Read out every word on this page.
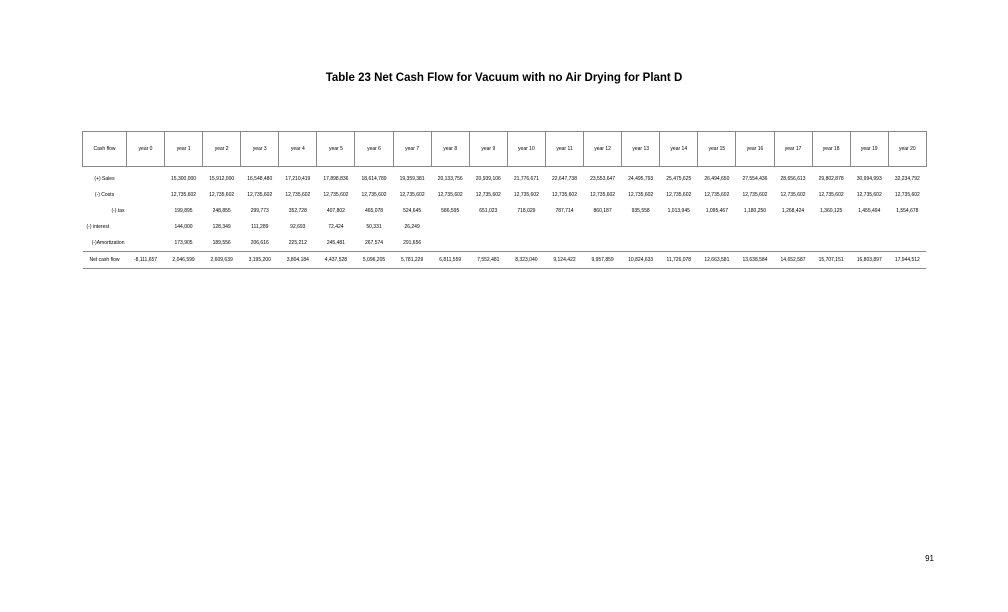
Table 23 Net Cash Flow for Vacuum with no Air Drying for Plant D
Cash flow	year 0	year 1	year 2	year 3	year 4	year 5	year 6	year 7	year 8	year 9	year 10	year 11	year 12	year 13	year 14	year 15	year 16	year 17	year 18	year 19	year 20

(+) Sales		15,300,000	15,912,000	16,548,480	17,210,419	17,898,836	18,614,789	19,359,381	20,133,756	20,939,106	21,776,671	22,647,738	23,553,647	24,495,793	25,475,625	26,494,650	27,554,436	28,656,613	29,802,878	30,994,993	32,234,792
(-) Costs		12,735,602	12,735,602	12,735,602	12,735,602	12,735,602	12,735,602	12,735,602	12,735,602	12,735,602	12,735,602	12,735,602	12,735,602	12,735,602	12,735,602	12,735,602	12,735,602	12,735,602	12,735,602	12,735,602	12,735,602
(-) tax		199,895	248,855	299,773	352,728	407,802	465,078	524,645	586,595	651,023	718,029	787,714	860,187	935,558	1,013,945	1,095,467	1,180,250	1,268,424	1,360,125	1,455,494	1,554,678
(-) interest		144,000	128,349	111,289	92,693	72,424	50,331	26,249													
(-)Amortization		173,905	189,556	206,616	225,212	245,481	267,574	291,656													
Net cash flow	-8,111,657	2,046,599	2,609,639	3,195,200	3,804,184	4,437,528	5,096,205	5,781,229	6,811,559	7,552,481	8,323,040	9,124,422	9,957,859	10,824,633	11,726,078	12,663,581	13,638,584	14,652,587	15,707,151	16,803,897	17,944,512
91
